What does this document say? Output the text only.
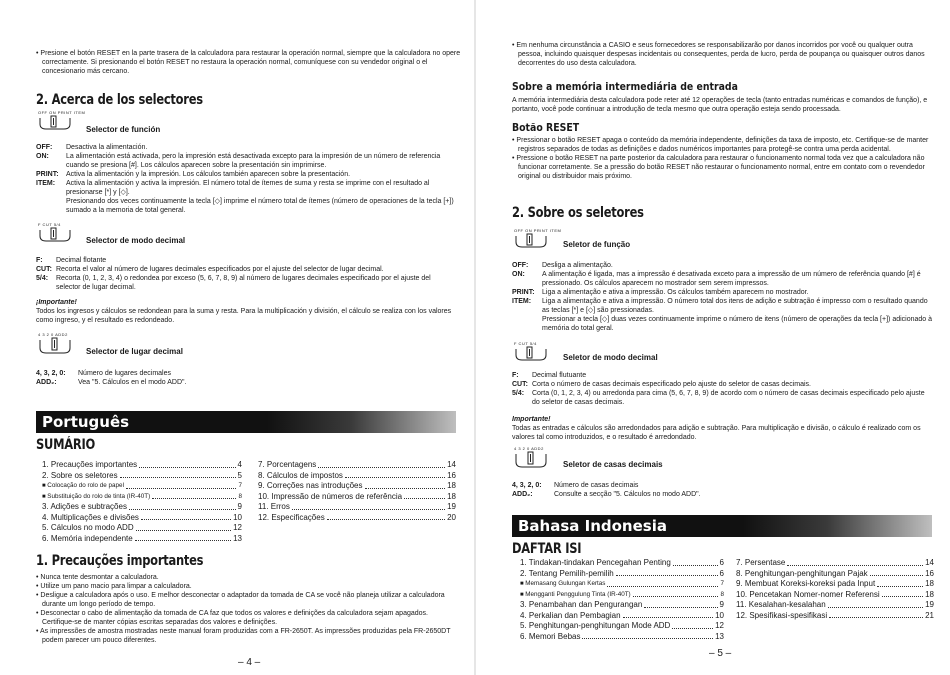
• Presione el botón RESET en la parte trasera de la calculadora para restaurar la operación normal, siempre que la calculadora no opere correctamente. Si presionando el botón RESET no restaura la operación normal, comuníquese con su vendedor original o el concesionario más cercano.

2. Acerca de los selectores
OFF ON PRINT ITEM
Selector de función
OFF:	Desactiva la alimentación.
ON:	La alimentación está activada, pero la impresión está desactivada excepto para la impresión de un número de referencia cuando se presiona [#]. Los cálculos aparecen sobre la presentación sin imprimirse.
PRINT:	Activa la alimentación y la impresión. Los cálculos también aparecen sobre la presentación.
ITEM:	Activa la alimentación y activa la impresión. El número total de ítemes de suma y resta se imprime con el resultado al presionarse [*] y [◇].
Presionando dos veces continuamente la tecla [◇] imprime el número total de ítemes (número de operaciones de la tecla [+]) sumado a la memoria de total general.
F CUT 5/4
Selector de modo decimal
F:	Decimal flotante
CUT: Recorta el valor al número de lugares decimales especificados por el ajuste del selector de lugar decimal.
5/4:	Recorta (0, 1, 2, 3, 4) o redondea por exceso (5, 6, 7, 8, 9) al número de lugares decimales especificado por el ajuste del selector de lugar decimal.

¡Importante!

Todos los ingresos y cálculos se redondean para la suma y resta. Para la multiplicación y división, el cálculo se realiza con los valores como ingreso, y el resultado es redondeado.

4 3 2 0 ADD2
Selector de lugar decimal
4, 3, 2, 0:	Número de lugares decimales
ADD₂:	Vea "5. Cálculos en el modo ADD".
Português
SUMÁRIO
1. Precauções importantes	4
2. Sobre os seletores	5
■ Colocação do rolo de papel	7
■ Substituição do rolo de tinta (IR-40T)	8
3. Adições e subtrações	9
4. Multiplicações e divisões	10
5. Cálculos no modo ADD	12
6. Memória independente	13
7. Porcentagens	14
8. Cálculos de impostos	16
9. Correções nas introduções	18
10. Impressão de números de referência	18
11. Erros	19
12. Especificações	20
1. Precauções importantes

• Nunca tente desmontar a calculadora.

• Utilize um pano macio para limpar a calculadora.

• Desligue a calculadora após o uso. E melhor desconectar o adaptador da tomada de CA se você não planeja utilizar a calculadora durante um longo período de tempo.

• Desconectar o cabo de alimentação da tomada de CA faz que todos os valores e definições da calculadora sejam apagados. Certifique-se de manter cópias escritas separadas dos valores e definições.

• As impressões de amostra mostradas neste manual foram produzidas com a FR-2650T. As impressões produzidas pela FR-2650DT podem parecer um pouco diferentes.

– 4 –

• Em nenhuma circunstância a CASIO e seus fornecedores se responsabilizarão por danos incorridos por você ou qualquer outra pessoa, incluindo quaisquer despesas incidentais ou consequentes, perda de lucro, perda de poupança ou quaisquer outros danos decorrentes do uso desta calculadora.

Sobre a memória intermediária de entrada

A memória intermediária desta calculadora pode reter até 12 operações de tecla (tanto entradas numéricas e comandos de função), e portanto, você pode continuar a introdução de tecla mesmo que outra operação esteja sendo processada.

Botão RESET

• Pressionar o botão RESET apaga o conteúdo da memória independente, definições da taxa de imposto, etc. Certifique-se de manter registros separados de todas as definições e dados numéricos importantes para protegê-se contra uma perda acidental.

• Pressione o botão RESET na parte posterior da calculadora para restaurar o funcionamento normal toda vez que a calculadora não funcionar corretamente. Se a pressão do botão RESET não restaurar o funcionamento normal, entre em contato com o revendedor original ou distribuidor mais próximo.

2. Sobre os seletores
OFF ON PRINT ITEM
Seletor de função
OFF:	Desliga a alimentação.
ON:	A alimentação é ligada, mas a impressão é desativada exceto para a impressão de um número de referência quando [#] é pressionado. Os cálculos aparecem no mostrador sem serem impressos.
PRINT:	Liga a alimentação e ativa a impressão. Os cálculos também aparecem no mostrador.
ITEM:	Liga a alimentação e ativa a impressão. O número total dos itens de adição e subtração é impresso com o resultado quando as teclas [*] e [◇] são pressionadas.
Pressionar a tecla [◇] duas vezes continuamente imprime o número de itens (número de operações da tecla [+]) adicionado à memória do total geral.
F CUT 5/4
Seletor de modo decimal
F:	Decimal flutuante
CUT: Corta o número de casas decimais especificado pelo ajuste do seletor de casas decimais.
5/4:	Corta (0, 1, 2, 3, 4) ou arredonda para cima (5, 6, 7, 8, 9) de acordo com o número de casas decimais especificado pelo ajuste do seletor de casas decimais.

Importante!

Todas as entradas e cálculos são arredondados para adição e subtração. Para multiplicação e divisão, o cálculo é realizado com os valores tal como introduzidos, e o resultado é arredondado.

4 3 2 0 ADD2
Seletor de casas decimais
4, 3, 2, 0:	Número de casas decimais
ADD₂:	Consulte a secção "5. Cálculos no modo ADD".
Bahasa Indonesia
DAFTAR ISI
1. Tindakan-tindakan Pencegahan Penting	6
2. Tentang Pemilih-pemilih	6
■ Memasang Gulungan Kertas	7
■ Mengganti Penggulung Tinta (IR-40T)	8
3. Penambahan dan Pengurangan	9
4. Perkalian dan Pembagian	10
5. Penghitungan-penghitungan Mode ADD	12
6. Memori Bebas	13
7. Persentase	14
8. Penghitungan-penghitungan Pajak	16
9. Membuat Koreksi-koreksi pada Input	18
10. Pencetakan Nomer-nomer Referensi	18
11. Kesalahan-kesalahan	19
12. Spesifikasi-spesifikasi	21
– 5 –
